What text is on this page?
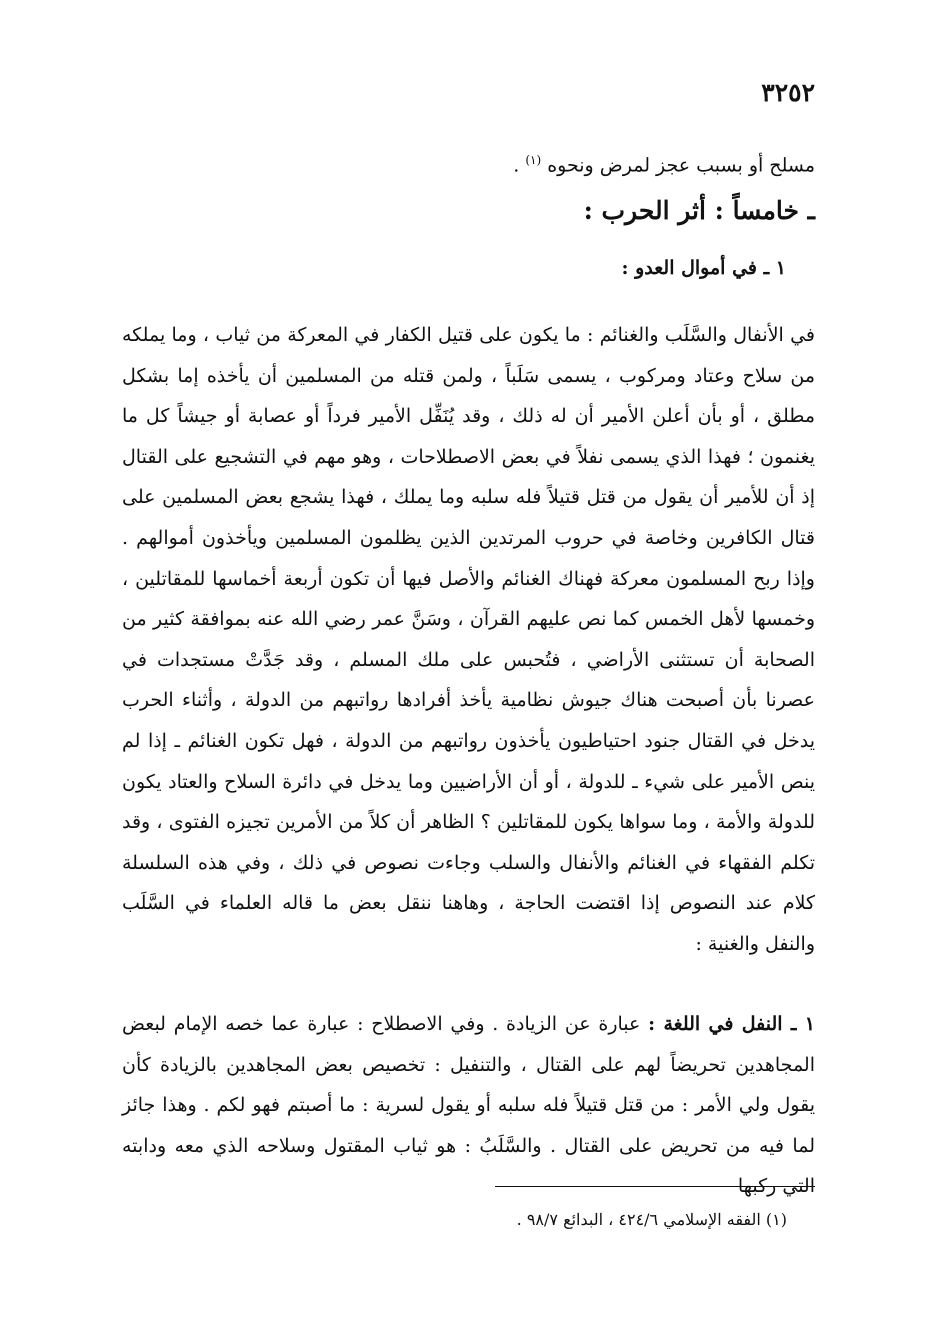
٣٢٥٢
مسلح أو بسبب عجز لمرض ونحوه $^{(١)}$ .
ـ خامساً : أثر الحرب :
١ ـ في أموال العدو :

في الأنفال والسَّلَب والغنائم : ما يكون على قتيل الكفار في المعركة من ثياب ، وما يملكه من سلاح وعتاد ومركوب ، يسمى سَلَباً ، ولمن قتله من المسلمين أن يأخذه إما بشكل مطلق ، أو بأن أعلن الأمير أن له ذلك ، وقد يُنَفِّل الأمير فرداً أو عصابة أو جيشاً كل ما يغنمون ؛ فهذا الذي يسمى نفلاً في بعض الاصطلاحات ، وهو مهم في التشجيع على القتال إذ أن للأمير أن يقول من قتل قتيلاً فله سلبه وما يملك ، فهذا يشجع بعض المسلمين على قتال الكافرين وخاصة في حروب المرتدين الذين يظلمون المسلمين ويأخذون أموالهم . وإذا ربح المسلمون معركة فهناك الغنائم والأصل فيها أن تكون أربعة أخماسها للمقاتلين ، وخمسها لأهل الخمس كما نص عليهم القرآن ، وسَنَّ عمر رضي الله عنه بموافقة كثير من الصحابة أن تستثنى الأراضي ، فتُحبس على ملك المسلم ، وقد جَدَّتْ مستجدات في عصرنا بأن أصبحت هناك جيوش نظامية يأخذ أفرادها رواتبهم من الدولة ، وأثناء الحرب يدخل في القتال جنود احتياطيون يأخذون رواتبهم من الدولة ، فهل تكون الغنائم ـ إذا لم ينص الأمير على شيء ـ للدولة ، أو أن الأراضيين وما يدخل في دائرة السلاح والعتاد يكون للدولة والأمة ، وما سواها يكون للمقاتلين ؟ الظاهر أن كلاً من الأمرين تجيزه الفتوى ، وقد تكلم الفقهاء في الغنائم والأنفال والسلب وجاءت نصوص في ذلك ، وفي هذه السلسلة كلام عند النصوص إذا اقتضت الحاجة ، وهاهنا ننقل بعض ما قاله العلماء في السَّلَب والنفل والغنية :

١ ـ النفل في اللغة : عبارة عن الزيادة . وفي الاصطلاح : عبارة عما خصه الإمام لبعض المجاهدين تحريضاً لهم على القتال ، والتنفيل : تخصيص بعض المجاهدين بالزيادة كأن يقول ولي الأمر : من قتل قتيلاً فله سلبه أو يقول لسرية : ما أصبتم فهو لكم . وهذا جائز لما فيه من تحريض على القتال . والسَّلَبُ : هو ثياب المقتول وسلاحه الذي معه ودابته التي ركبها

(١) الفقه الإسلامي ٤٢٤/٦ ، البدائع ٩٨/٧ .
